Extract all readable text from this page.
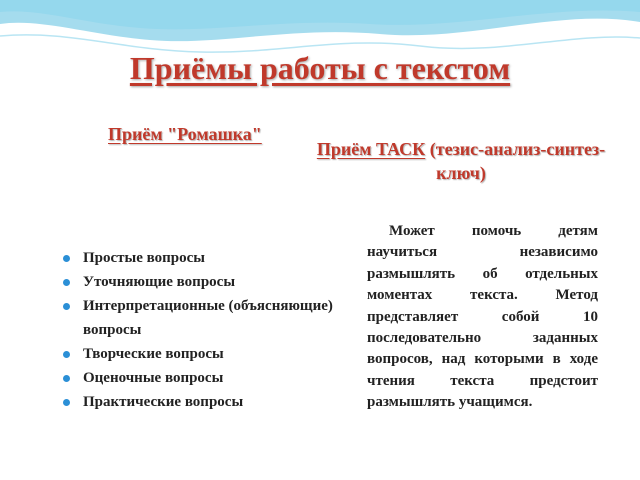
Приёмы работы с текстом
Приём "Ромашка"
Приём ТАСК (тезис-анализ-синтез-ключ)
Простые вопросы
Уточняющие вопросы
Интерпретационные (объясняющие) вопросы
Творческие вопросы
Оценочные вопросы
Практические вопросы

Может помочь детям научиться независимо размышлять об отдельных моментах текста. Метод представляет собой 10 последовательно заданных вопросов, над которыми в ходе чтения текста предстоит размышлять учащимся.
